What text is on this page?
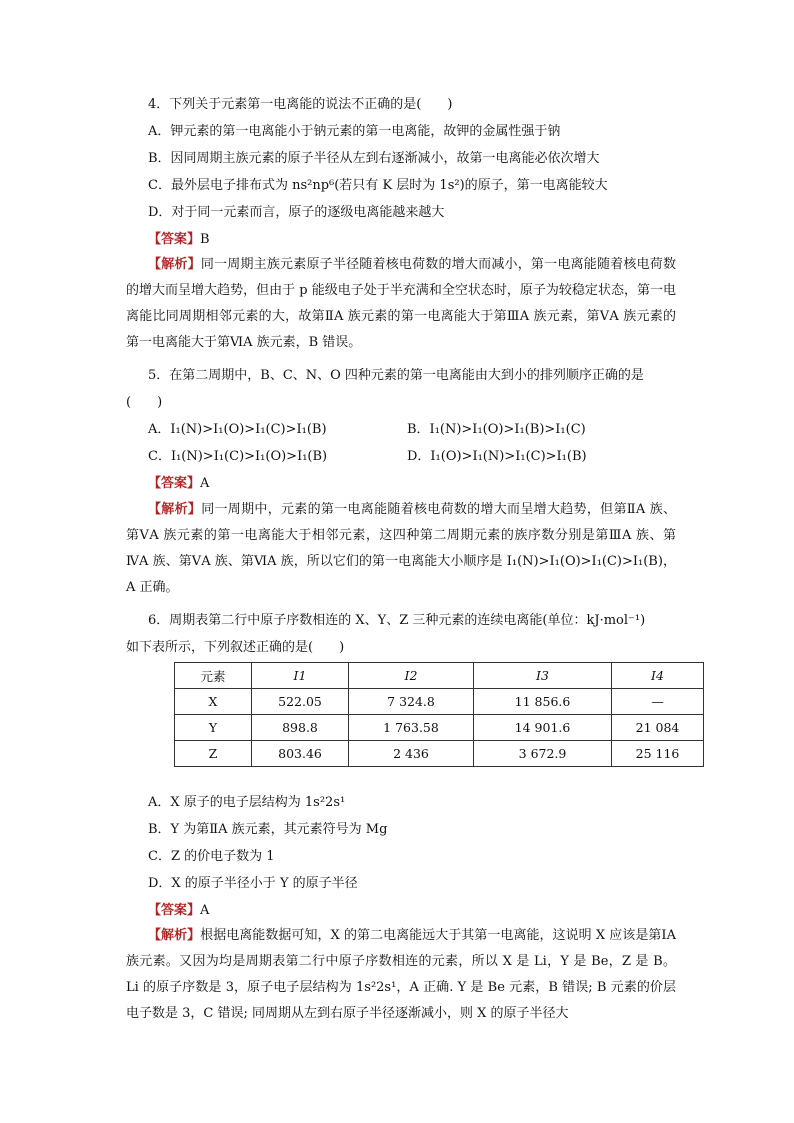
4．下列关于元素第一电离能的说法不正确的是(　　)
A．钾元素的第一电离能小于钠元素的第一电离能，故钾的金属性强于钠
B．因同周期主族元素的原子半径从左到右逐渐减小，故第一电离能必依次增大
C．最外层电子排布式为 ns²np⁶(若只有 K 层时为 1s²)的原子，第一电离能较大
D．对于同一元素而言，原子的逐级电离能越来越大
【答案】B
【解析】同一周期主族元素原子半径随着核电荷数的增大而减小，第一电离能随着核电荷数的增大而呈增大趋势，但由于 p 能级电子处于半充满和全空状态时，原子为较稳定状态，第一电离能比同周期相邻元素的大，故第ⅡA 族元素的第一电离能大于第ⅢA 族元素，第ⅤA 族元素的第一电离能大于第ⅥA 族元素，B 错误。
5．在第二周期中，B、C、N、O 四种元素的第一电离能由大到小的排列顺序正确的是
(　　)
A．I₁(N)>I₁(O)>I₁(C)>I₁(B)	B．I₁(N)>I₁(O)>I₁(B)>I₁(C)
C．I₁(N)>I₁(C)>I₁(O)>I₁(B)	D．I₁(O)>I₁(N)>I₁(C)>I₁(B)
【答案】A
【解析】同一周期中，元素的第一电离能随着核电荷数的增大而呈增大趋势，但第ⅡA 族、第ⅤA 族元素的第一电离能大于相邻元素，这四种第二周期元素的族序数分别是第ⅢA 族、第ⅣA 族、第ⅤA 族、第ⅥA 族，所以它们的第一电离能大小顺序是 I₁(N)>I₁(O)>I₁(C)>I₁(B)，A 正确。
6．周期表第二行中原子序数相连的 X、Y、Z 三种元素的连续电离能(单位：kJ·mol⁻¹)
如下表所示，下列叙述正确的是(　　)
元素	I1	I2	I3	I4
X	522.05	7 324.8	11 856.6	—
Y	898.8	1 763.58	14 901.6	21 084
Z	803.46	2 436	3 672.9	25 116
A．X 原子的电子层结构为 1s²2s¹
B．Y 为第ⅡA 族元素，其元素符号为 Mg
C．Z 的价电子数为 1
D．X 的原子半径小于 Y 的原子半径
【答案】A
【解析】根据电离能数据可知，X 的第二电离能远大于其第一电离能，这说明 X 应该是第ⅠA 族元素。又因为均是周期表第二行中原子序数相连的元素，所以 X 是 Li，Y 是 Be，Z 是 B。Li 的原子序数是 3，原子电子层结构为 1s²2s¹，A 正确. Y 是 Be 元素，B 错误; B 元素的价层电子数是 3，C 错误; 同周期从左到右原子半径逐渐减小，则 X 的原子半径大
